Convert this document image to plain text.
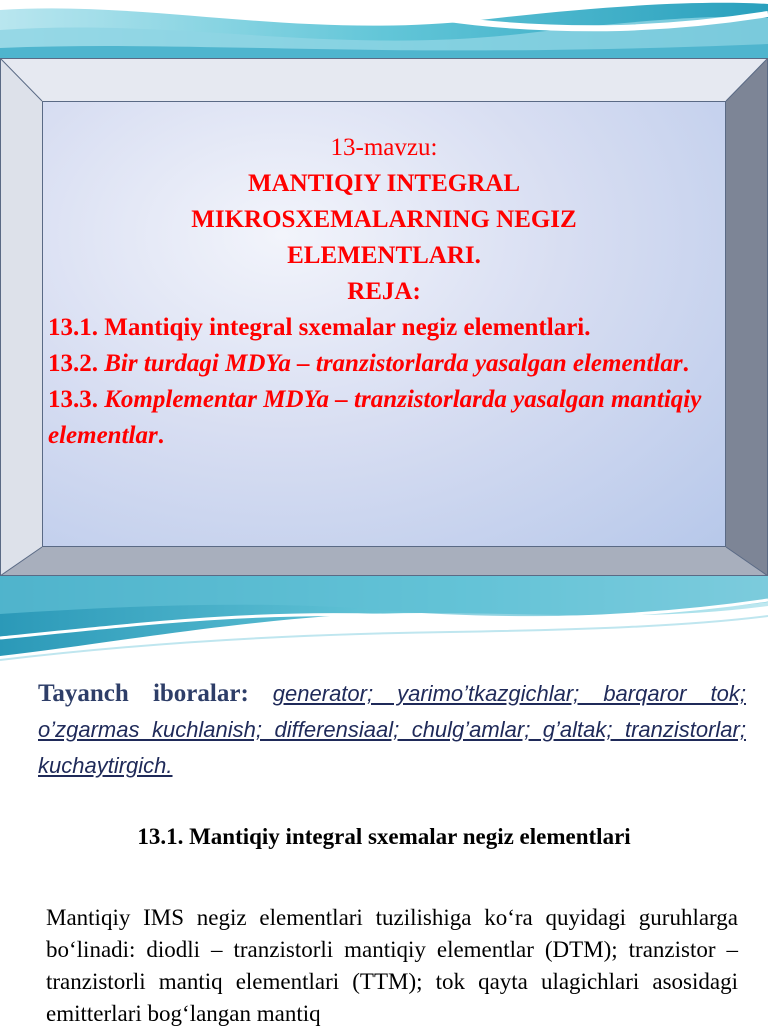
13-mavzu:
MANTIQIY INTEGRAL MIKROSXEMALARNING NEGIZ ELEMENTLARI.
REJA:
13.1. Mantiqiy integral sxemalar negiz elementlari.
13.2. Bir turdagi MDYa – tranzistorlarda yasalgan elementlar.
13.3. Komplementar MDYa – tranzistorlarda yasalgan mantiqiy elementlar.
Tayanch iboralar: generator; yarimo’tkazgichlar; barqaror tok; o’zgarmas kuchlanish; differensiaal; chulg’amlar; g’altak; tranzistorlar; kuchaytirgich.
13.1. Mantiqiy integral sxemalar negiz elementlari
Mantiqiy IMS negiz elementlari tuzilishiga ko‘ra quyidagi guruhlarga bo‘linadi: diodli – tranzistorli mantiqiy elementlar (DTM); tranzistor – tranzistorli mantiq elementlari (TTM); tok qayta ulagichlari asosidagi emitterlari bog‘langan mantiq
